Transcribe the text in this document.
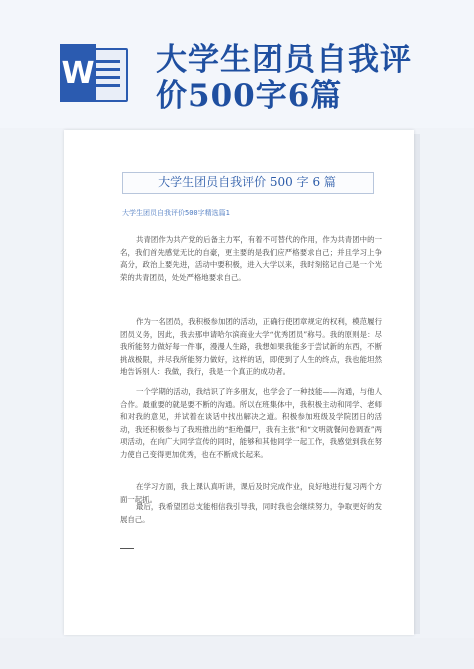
W 大学生团员自我评
价500字6篇
大学生团员自我评价 500 字 6 篇
大学生团员自我评价500字精选篇1

共青团作为共产党的后备主力军，有着不可替代的作用，作为共青团中的一名，我们首先感觉无比的自豪，更主要的是我们应严格要求自己；并且学习上争高分，政治上要先进，活动中要积极，进入大学以来，我时刻铭记自己是一个光荣的共青团员，处处严格地要求自己。

作为一名团员，我积极参加团的活动，正确行使团章规定的权利，模范履行团员义务，因此，我去那申请哈尔滨商业大学“优秀团员”称号。我的原则是：尽我所能努力做好每一件事，漫漫人生路，我想如果我能多于尝试新的东西，不断挑战极限，并尽我所能努力做好，这样的话，即使到了人生的终点，我也能坦然地告诉别人：我做，我行，我是一个真正的成功者。

一个学期的活动，我结识了许多朋友，也学会了一种技能——沟通，与他人合作。最重要的就是要不断的沟通。所以在班集体中，我积极主动和同学、老师和对我的意见，并试着在谈话中找出解决之道。积极参加班级及学院团日的活动，我还积极参与了我班推出的“拒绝僵尸，我有主张”和“文明就餐问卷调查”两项活动，在向广大同学宣传的同时，能够和其他同学一起工作，我感觉到我在努力使自己变得更加优秀，也在不断成长起来。

在学习方面，我上课认真听讲，课后及时完成作业，良好地进行复习两个方面一起抓。

最后，我希望团总支能相信我引导我，同时我也会继续努力，争取更好的发展自己。
